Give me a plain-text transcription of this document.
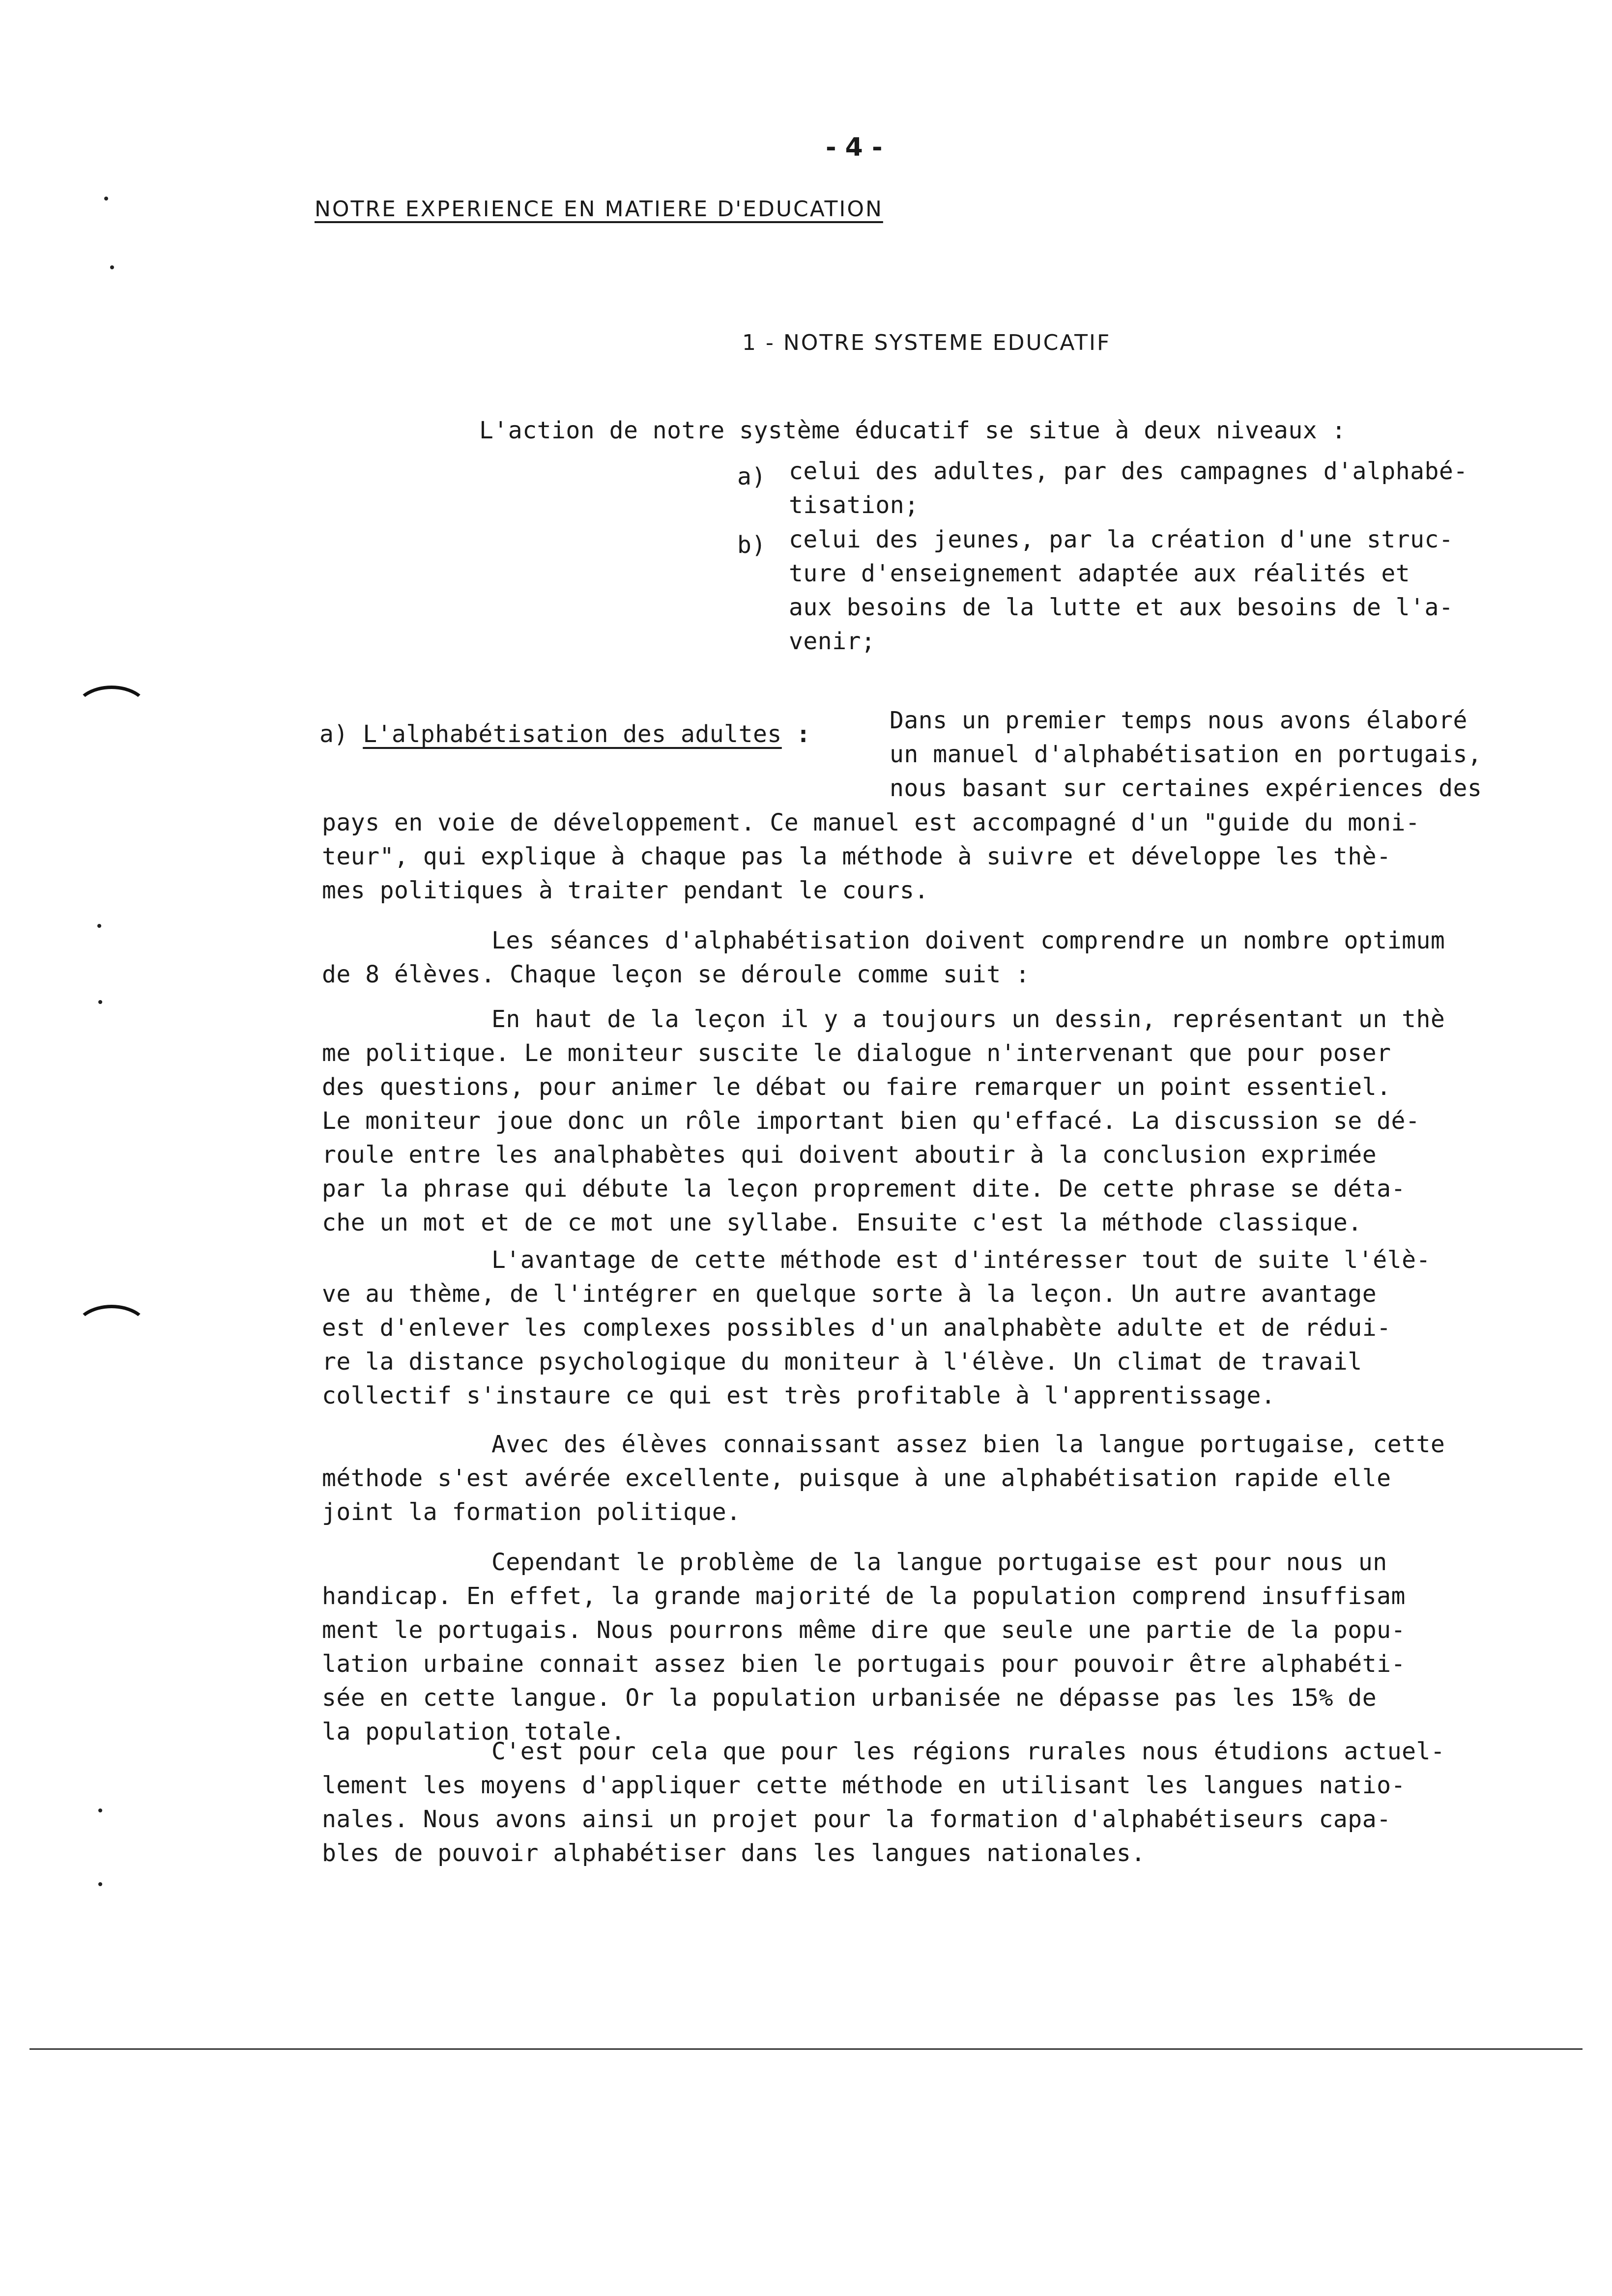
- 4 -
NOTRE EXPERIENCE EN MATIERE D'EDUCATION
1 - NOTRE SYSTEME EDUCATIF
L'action de notre système éducatif se situe à deux niveaux :
a) celui des adultes, par des campagnes d'alphabé-
tisation;
b) celui des jeunes, par la création d'une struc-
ture d'enseignement adaptée aux réalités et
aux besoins de la lutte et aux besoins de l'a-
venir;
a) L'alphabétisation des adultes :	Dans un premier temps nous avons élaboré
un manuel d'alphabétisation en portugais,
nous basant sur certaines expériences des
pays en voie de développement. Ce manuel est accompagné d'un "guide du moni-
teur", qui explique à chaque pas la méthode à suivre et développe les thè-
mes politiques à traiter pendant le cours.
Les séances d'alphabétisation doivent comprendre un nombre optimum
de 8 élèves. Chaque leçon se déroule comme suit :
En haut de la leçon il y a toujours un dessin, représentant un thè
me politique. Le moniteur suscite le dialogue n'intervenant que pour poser
des questions, pour animer le débat ou faire remarquer un point essentiel.
Le moniteur joue donc un rôle important bien qu'effacé. La discussion se dé-
roule entre les analphabètes qui doivent aboutir à la conclusion exprimée
par la phrase qui débute la leçon proprement dite. De cette phrase se déta-
che un mot et de ce mot une syllabe. Ensuite c'est la méthode classique.
L'avantage de cette méthode est d'intéresser tout de suite l'élè-
ve au thème, de l'intégrer en quelque sorte à la leçon. Un autre avantage
est d'enlever les complexes possibles d'un analphabète adulte et de rédui-
re la distance psychologique du moniteur à l'élève. Un climat de travail
collectif s'instaure ce qui est très profitable à l'apprentissage.
Avec des élèves connaissant assez bien la langue portugaise, cette
méthode s'est avérée excellente, puisque à une alphabétisation rapide elle
joint la formation politique.
Cependant le problème de la langue portugaise est pour nous un
handicap. En effet, la grande majorité de la population comprend insuffisam
ment le portugais. Nous pourrons même dire que seule une partie de la popu-
lation urbaine connait assez bien le portugais pour pouvoir être alphabéti-
sée en cette langue. Or la population urbanisée ne dépasse pas les 15% de
la population totale.
C'est pour cela que pour les régions rurales nous étudions actuel-
lement les moyens d'appliquer cette méthode en utilisant les langues natio-
nales. Nous avons ainsi un projet pour la formation d'alphabétiseurs capa-
bles de pouvoir alphabétiser dans les langues nationales.
